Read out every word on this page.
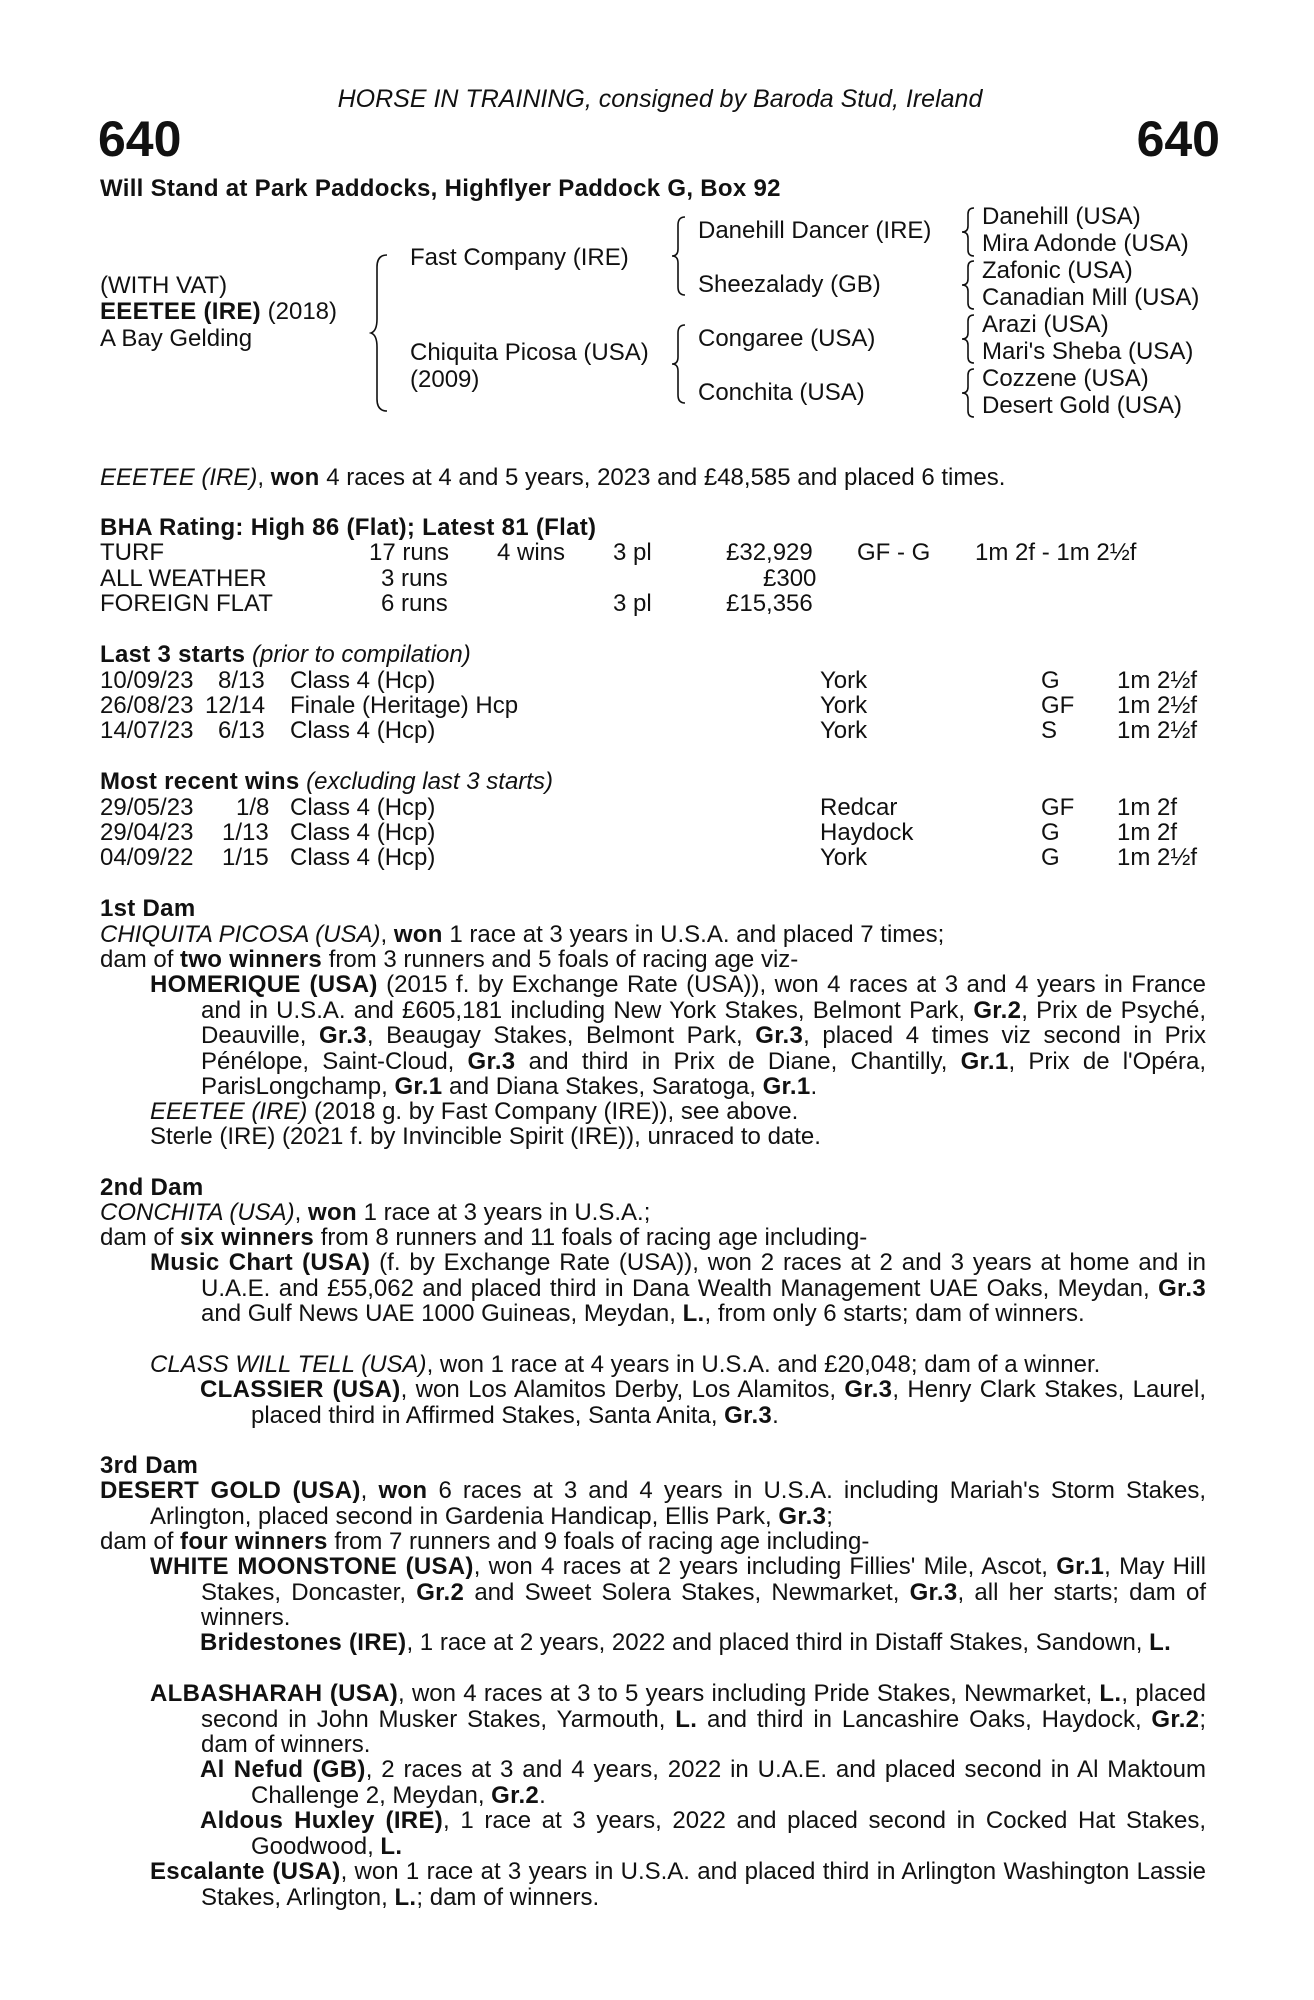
HORSE IN TRAINING, consigned by Baroda Stud, Ireland
640	640
Will Stand at Park Paddocks, Highflyer Paddock G, Box 92
(WITH VAT)
EEETEE (IRE) (2018)
A Bay Gelding
Fast Company (IRE)
Chiquita Picosa (USA)
(2009)
Danehill Dancer (IRE)
Sheezalady (GB)
Congaree (USA)
Conchita (USA)
Danehill (USA)
Mira Adonde (USA)
Zafonic (USA)
Canadian Mill (USA)
Arazi (USA)
Mari's Sheba (USA)
Cozzene (USA)
Desert Gold (USA)
EEETEE (IRE), won 4 races at 4 and 5 years, 2023 and £48,585 and placed 6 times.
BHA Rating: High 86 (Flat); Latest 81 (Flat)
TURF	17 runs 4 wins 3 pl	£32,929 GF - G 1m 2f - 1m 2½f
ALL WEATHER	3 runs	£300
FOREIGN FLAT	6 runs	3 pl	£15,356
Last 3 starts (prior to compilation)
10/09/23 8/13 Class 4 (Hcp)	York	G 1m 2½f
26/08/23 12/14 Finale (Heritage) Hcp	York	GF 1m 2½f
14/07/23 6/13 Class 4 (Hcp)	York	S 1m 2½f
Most recent wins (excluding last 3 starts)
29/05/23 1/8 Class 4 (Hcp)	Redcar	GF 1m 2f
29/04/23 1/13 Class 4 (Hcp)	Haydock	G 1m 2f
04/09/22 1/15 Class 4 (Hcp)	York	G 1m 2½f
1st Dam
CHIQUITA PICOSA (USA), won 1 race at 3 years in U.S.A. and placed 7 times;
dam of two winners from 3 runners and 5 foals of racing age viz-
HOMERIQUE (USA) (2015 f. by Exchange Rate (USA)), won 4 races at 3 and 4 years in France and in U.S.A. and £605,181 including New York Stakes, Belmont Park, Gr.2, Prix de Psyché, Deauville, Gr.3, Beaugay Stakes, Belmont Park, Gr.3, placed 4 times viz second in Prix Pénélope, Saint-Cloud, Gr.3 and third in Prix de Diane, Chantilly, Gr.1, Prix de l'Opéra, ParisLongchamp, Gr.1 and Diana Stakes, Saratoga, Gr.1.
EEETEE (IRE) (2018 g. by Fast Company (IRE)), see above.
Sterle (IRE) (2021 f. by Invincible Spirit (IRE)), unraced to date.
2nd Dam
CONCHITA (USA), won 1 race at 3 years in U.S.A.;
dam of six winners from 8 runners and 11 foals of racing age including-
Music Chart (USA) (f. by Exchange Rate (USA)), won 2 races at 2 and 3 years at home and in U.A.E. and £55,062 and placed third in Dana Wealth Management UAE Oaks, Meydan, Gr.3 and Gulf News UAE 1000 Guineas, Meydan, L., from only 6 starts; dam of winners.
CLASS WILL TELL (USA), won 1 race at 4 years in U.S.A. and £20,048; dam of a winner.
CLASSIER (USA), won Los Alamitos Derby, Los Alamitos, Gr.3, Henry Clark Stakes, Laurel, placed third in Affirmed Stakes, Santa Anita, Gr.3.
3rd Dam
DESERT GOLD (USA), won 6 races at 3 and 4 years in U.S.A. including Mariah's Storm Stakes, Arlington, placed second in Gardenia Handicap, Ellis Park, Gr.3;
dam of four winners from 7 runners and 9 foals of racing age including-
WHITE MOONSTONE (USA), won 4 races at 2 years including Fillies' Mile, Ascot, Gr.1, May Hill Stakes, Doncaster, Gr.2 and Sweet Solera Stakes, Newmarket, Gr.3, all her starts; dam of winners.
Bridestones (IRE), 1 race at 2 years, 2022 and placed third in Distaff Stakes, Sandown, L.
ALBASHARAH (USA), won 4 races at 3 to 5 years including Pride Stakes, Newmarket, L., placed second in John Musker Stakes, Yarmouth, L. and third in Lancashire Oaks, Haydock, Gr.2; dam of winners.
Al Nefud (GB), 2 races at 3 and 4 years, 2022 in U.A.E. and placed second in Al Maktoum Challenge 2, Meydan, Gr.2.
Aldous Huxley (IRE), 1 race at 3 years, 2022 and placed second in Cocked Hat Stakes, Goodwood, L.
Escalante (USA), won 1 race at 3 years in U.S.A. and placed third in Arlington Washington Lassie Stakes, Arlington, L.; dam of winners.
